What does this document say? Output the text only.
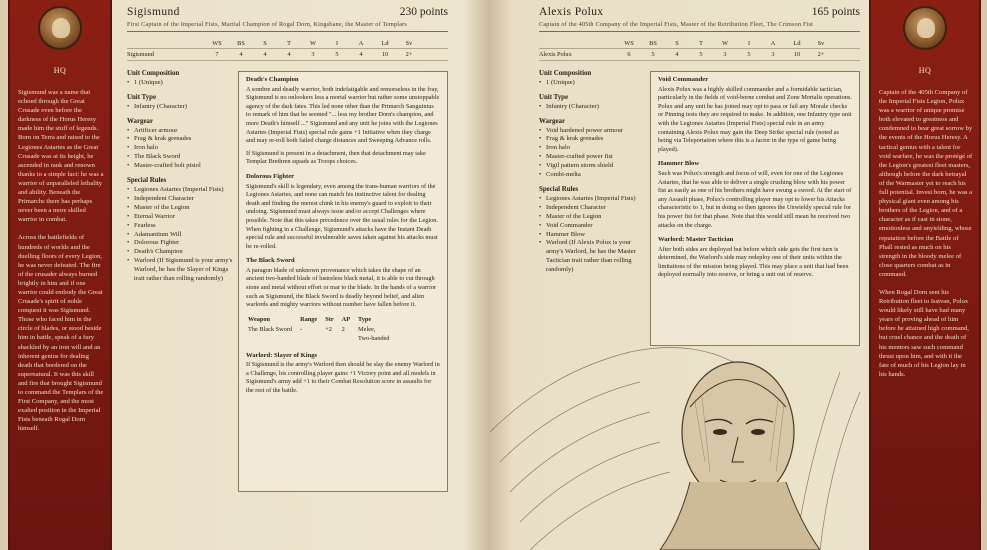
HQ

Sigismund was a name that echoed through the Great Crusade even before the darkness of the Horus Heresy made him the stuff of legends. Born on Terra and raised to the Legiones Astartes as the Great Crusade was at its height, he ascended in rank and renown thanks to a simple fact: he was a warrior of unparalleled lethality and ability. Beneath the Primarchs there has perhaps never been a more skilled warrior in combat.

Across the battlefields of hundreds of worlds and the duelling floors of every Legion, he was never defeated. The fire of the crusader always burned brightly in him and if one warrior could embody the Great Crusade's spirit of noble conquest it was Sigismund. Those who faced him in the circle of blades, or stood beside him in battle, speak of a fury shackled by an iron will and an inherent genius for dealing death that bordered on the supernatural. It was this skill and fire that brought Sigismund to command the Templars of the First Company, and the most exalted position in the Imperial Fists beneath Rogal Dorn himself.

Sigismund	230 points
First Captain of the Imperial Fists, Martial Champion of Rogal Dorn, Kingsbane, the Master of Templars
WS	BS	S	T	W	I	A	Ld	Sv
Sigismund	7	4	4	4	3	5	4	10	2+
Unit Composition
• 1 (Unique)
Unit Type
• Infantry (Character)
Wargear
• Artificer armour
• Frag & krak grenades
• Iron halo
• The Black Sword
• Master-crafted bolt pistol
Special Rules
• Legiones Astartes (Imperial Fists)
• Independent Character
• Master of the Legion
• Eternal Warrior
• Fearless
• Adamantium Will
• Dolorous Fighter
• Death's Champion
• Warlord (If Sigismund is your army's Warlord, he has the Slayer of Kings trait rather than rolling randomly)
Death's Champion

A sombre and deadly warrior, both indefatigable and remorseless in the fray, Sigismund is no onlookers less a mortal warrior but rather some unstoppable agency of the dark fates. This led none other than the Primarch Sanguinius to remark of him that he seemed "... less my brother Dorn's champion, and more Death's himself ..." Sigismund and any unit he joins with the Legiones Astartes (Imperial Fists) special rule gains +1 Initiative when they charge and may re-roll both failed charge distances and Sweeping Advance rolls.

If Sigismund is present in a detachment, then that detachment may take Templar Brethren squads as Troops choices.

Dolorous Fighter

Sigismund's skill is legendary, even among the trans-human warriors of the Legiones Astartes, and none can match his instinctive talent for dealing death and finding the merest chink in his enemy's guard to exploit to their undoing. Sigismund must always issue and/or accept Challenges where possible. Note that this takes precedence over the usual rules for the Legion. When fighting in a Challenge, Sigismund's attacks have the Instant Death special rule and successful invulnerable saves taken against his attacks must be re-rolled.

The Black Sword

A paragon blade of unknown provenance which takes the shape of an ancient two-handed blade of lustreless black metal, it is able to cut through stone and metal without effort or mar to the blade. In the hands of a warrior such as Sigismund, the Black Sword is deadly beyond belief, and alien warlords and mighty warriors without number have fallen before it.

Weapon	Range	Str	AP	Type
The Black Sword	-	+2	2	Melee,
Two-handed
Warlord: Slayer of Kings

If Sigismund is the army's Warlord then should he slay the enemy Warlord in a Challenge, his controlling player gains +1 Victory point and all models in Sigismund's army add +1 to their Combat Resolution score in assaults for the rest of the battle.

Alexis Polux	165 points
Captain of the 405th Company of the Imperial Fists, Master of the Retribution Fleet, The Crimson Fist
WS	BS	S	T	W	I	A	Ld	Sv
Alexis Polux	6	5	4	5	3	5	3	10	2+
Unit Composition
• 1 (Unique)
Unit Type
• Infantry (Character)
Wargear
• Void hardened power armour
• Frag & krak grenades
• Iron halo
• Master-crafted power fist
• Vigil pattern storm shield
• Combi-melta
Special Rules
• Legiones Astartes (Imperial Fists)
• Independent Character
• Master of the Legion
• Void Commander
• Hammer Blow
• Warlord (If Alexis Polux is your army's Warlord, he has the Master Tactician trait rather than rolling randomly)
Void Commander

Alexis Polux was a highly skilled commander and a formidable tactician, particularly in the fields of void-borne combat and Zone Mortalis operations. Polux and any unit he has joined may opt to pass or fail any Morale checks or Pinning tests they are required to make. In addition, one Infantry type unit with the Legiones Astartes (Imperial Fists) special rule in an army containing Alexis Polux may gain the Deep Strike special rule (noted as being via Teleportation where this is a factor in the type of game being played).

Hammer Blow

Such was Polux's strength and focus of will, even for one of the Legiones Astartes, that he was able to deliver a single crushing blow with his power fist as easily as one of his brothers might have swung a sword. At the start of any Assault phase, Polux's controlling player may opt to lower his Attacks characteristic to 1, but in doing so then ignores the Unwieldy special rule for his power fist for that phase. Note that this would still mean he received two attacks on the charge.

Warlord: Master Tactician

After both sides are deployed but before which side gets the first turn is determined, the Warlord's side may redeploy one of their units within the limitations of the mission being played. This may place a unit that had been deployed normally into reserve, or bring a unit out of reserve.

HQ

Captain of the 405th Company of the Imperial Fists Legion, Polux was a warrior of unique promise both elevated to greatness and condemned to bear great sorrow by the events of the Horus Heresy. A tactical genius with a talent for void warfare, he was the protégé of the Legion's greatest fleet masters, although before the dark betrayal of the Warmaster yet to reach his full potential. Invest born, he was a physical giant even among his brothers of the Legion, and of a character as if cast in stone, emotionless and unyielding, whose reputation before the Battle of Phall rested as much on his strength in the bloody melee of close quarters combat as in command.

When Rogal Dorn sent his Retribution fleet to Isstvan, Polux would likely still have had many years of proving ahead of him before he attained high command, but cruel chance and the death of his mentors saw such command thrust upon him, and with it the fate of much of his Legion lay in his hands.
